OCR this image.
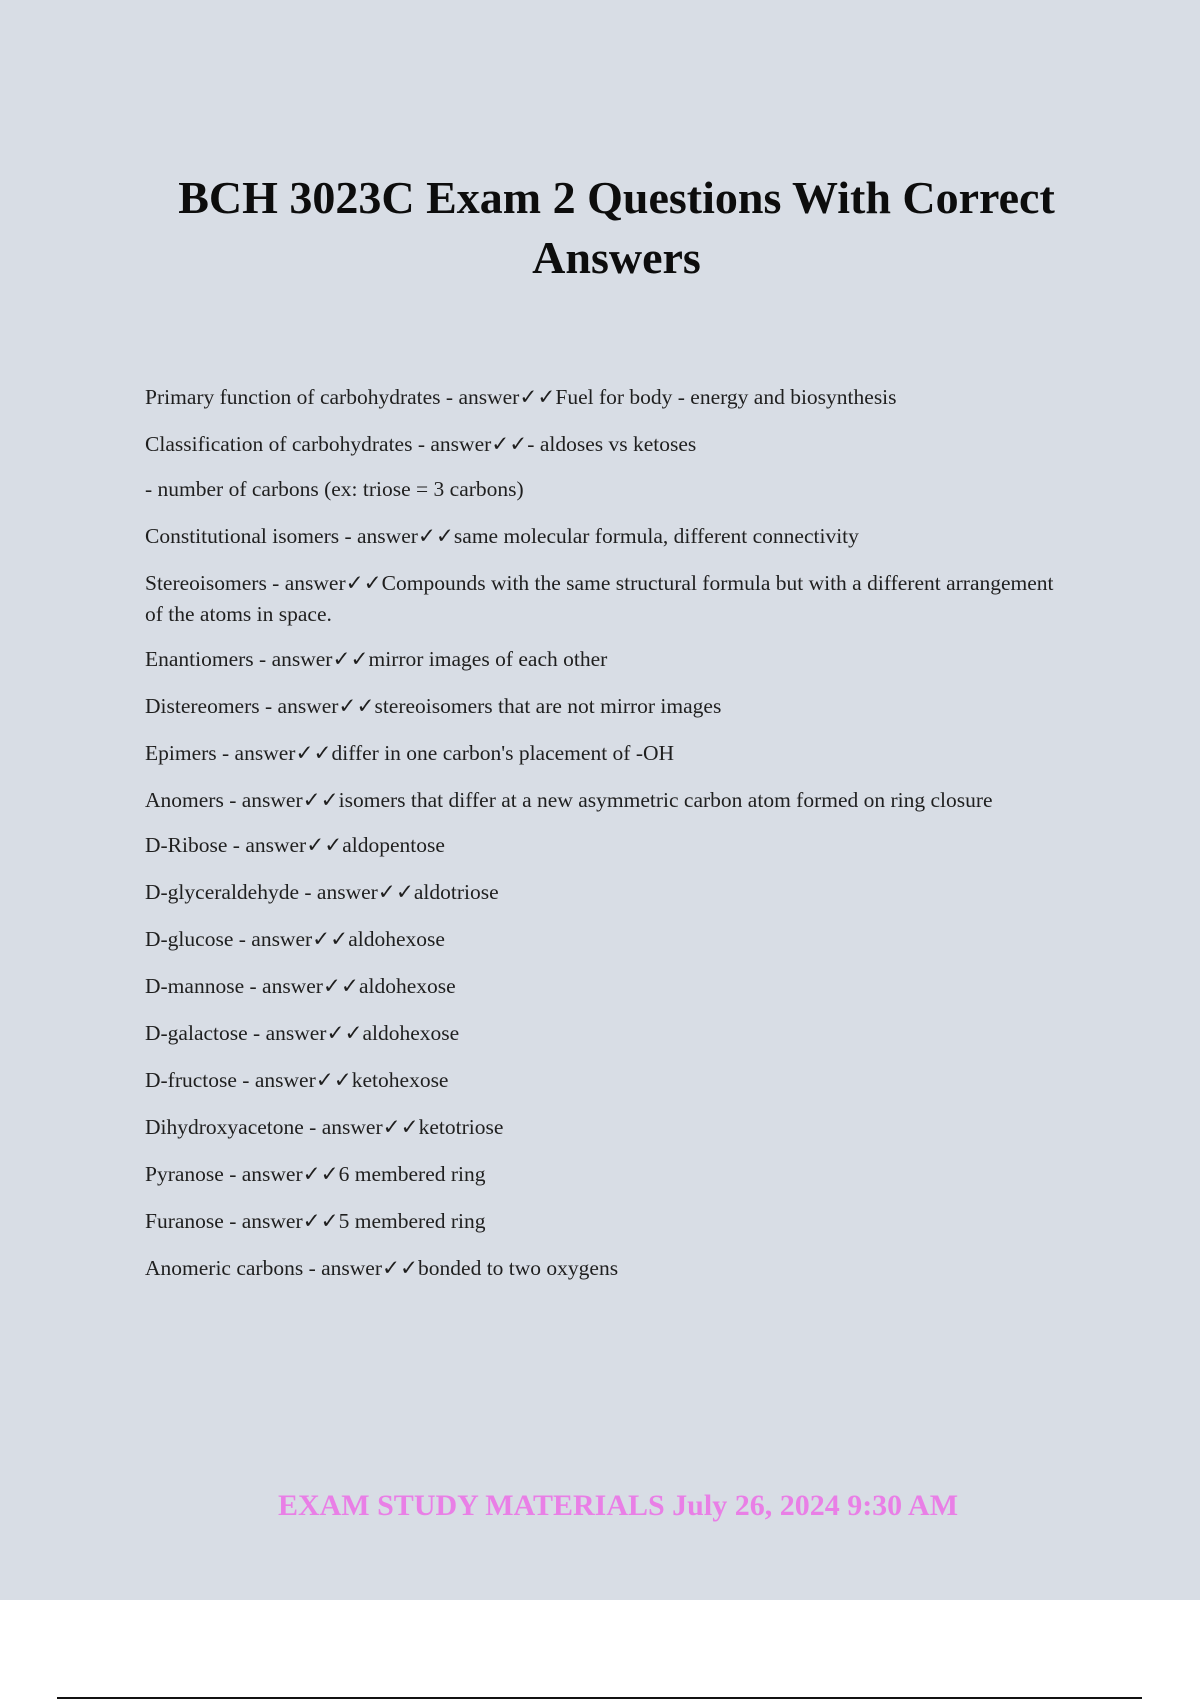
BCH 3023C Exam 2 Questions With Correct Answers
Primary function of carbohydrates - answer✓✓Fuel for body - energy and biosynthesis
Classification of carbohydrates - answer✓✓- aldoses vs ketoses
- number of carbons (ex: triose = 3 carbons)
Constitutional isomers - answer✓✓same molecular formula, different connectivity
Stereoisomers - answer✓✓Compounds with the same structural formula but with a different arrangement of the atoms in space.
Enantiomers - answer✓✓mirror images of each other
Distereomers - answer✓✓stereoisomers that are not mirror images
Epimers - answer✓✓differ in one carbon's placement of -OH
Anomers - answer✓✓isomers that differ at a new asymmetric carbon atom formed on ring closure
D-Ribose - answer✓✓aldopentose
D-glyceraldehyde - answer✓✓aldotriose
D-glucose - answer✓✓aldohexose
D-mannose - answer✓✓aldohexose
D-galactose - answer✓✓aldohexose
D-fructose - answer✓✓ketohexose
Dihydroxyacetone - answer✓✓ketotriose
Pyranose - answer✓✓6 membered ring
Furanose - answer✓✓5 membered ring
Anomeric carbons - answer✓✓bonded to two oxygens

EXAM STUDY MATERIALS July 26, 2024 9:30 AM
